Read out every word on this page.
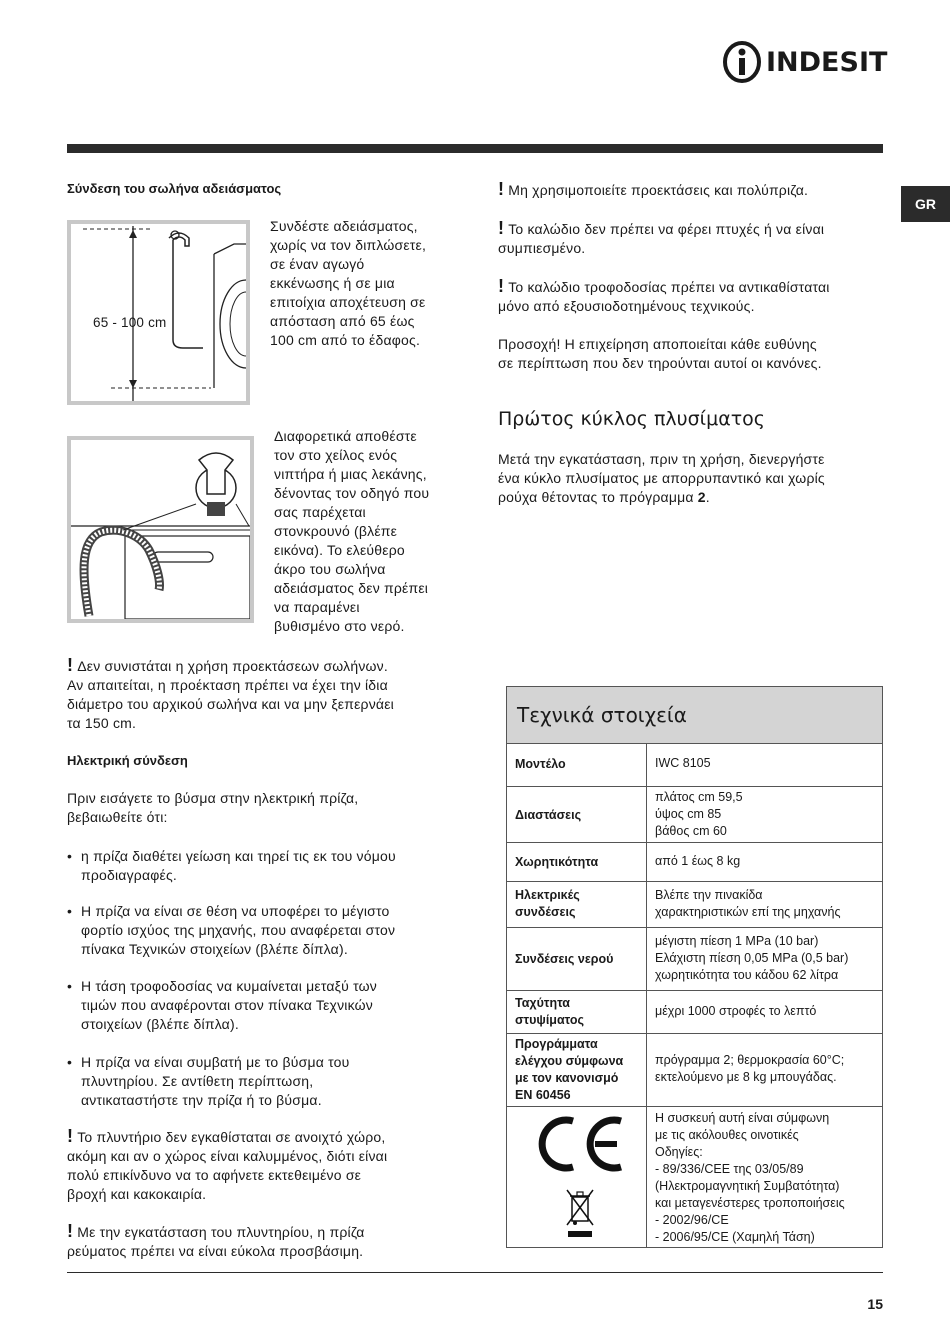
INDESIT
GR
Σύνδεση του σωλήνα αδειάσματος
65 - 100 cm
Συνδέστε αδειάσματος,
χωρίς να τον διπλώσετε,
σε έναν αγωγό
εκκένωσης ή σε μια
επιτοίχια αποχέτευση σε
απόσταση από 65 έως
100 cm από το έδαφος.
Διαφορετικά αποθέστε
τον στο χείλος ενός
νιπτήρα ή μιας λεκάνης,
δένοντας τον οδηγό που
σας παρέχεται
στονκρουνό (βλέπε
εικόνα). Το ελεύθερο
άκρο του σωλήνα
αδειάσματος δεν πρέπει
να παραμένει
βυθισμένο στο νερό.
! Δεν συνιστάται η χρήση προεκτάσεων σωλήνων.
Αν απαιτείται, η προέκταση πρέπει να έχει την ίδια
διάμετρο του αρχικού σωλήνα και να μην ξεπερνάει
τα 150 cm.
Ηλεκτρική σύνδεση
Πριν εισάγετε το βύσμα στην ηλεκτρική πρίζα,
βεβαιωθείτε ότι:
• η πρίζα διαθέτει γείωση και τηρεί τις εκ του νόμου
προδιαγραφές.
• Η πρίζα να είναι σε θέση να υποφέρει το μέγιστο
φορτίο ισχύος της μηχανής, που αναφέρεται στον
πίνακα Τεχνικών στοιχείων (βλέπε δίπλα).
• Η τάση τροφοδοσίας να κυμαίνεται μεταξύ των
τιμών που αναφέρονται στον πίνακα Τεχνικών
στοιχείων (βλέπε δίπλα).
• Η πρίζα να είναι συμβατή με το βύσμα του
πλυντηρίου. Σε αντίθετη περίπτωση,
αντικαταστήστε την πρίζα ή το βύσμα.
! Το πλυντήριο δεν εγκαθίσταται σε ανοιχτό χώρο,
ακόμη και αν ο χώρος είναι καλυμμένος, διότι είναι
πολύ επικίνδυνο να το αφήνετε εκτεθειμένο σε
βροχή και κακοκαιρία.
! Με την εγκατάσταση του πλυντηρίου, η πρίζα
ρεύματος πρέπει να είναι εύκολα προσβάσιμη.
! Μη χρησιμοποιείτε προεκτάσεις και πολύπριζα.
! Το καλώδιο δεν πρέπει να φέρει πτυχές ή να είναι
συμπιεσμένο.
! Το καλώδιο τροφοδοσίας πρέπει να αντικαθίσταται
μόνο από εξουσιοδοτημένους τεχνικούς.
Προσοχή! Η επιχείρηση αποποιείται κάθε ευθύνης
σε περίπτωση που δεν τηρούνται αυτοί οι κανόνες.
Πρώτος κύκλος πλυσίματος
Μετά την εγκατάσταση, πριν τη χρήση, διενεργήστε
ένα κύκλο πλυσίματος με απορρυπαντικό και χωρίς
ρούχα θέτοντας το πρόγραμμα 2.
Τεχνικά στοιχεία
Μοντέλο	IWC 8105
Διαστάσεις
πλάτος cm 59,5
ύψος cm 85
βάθος cm 60
Χωρητικότητα	από 1 έως 8 kg
Ηλεκτρικές
συνδέσεις
Βλέπε την πινακίδα
χαρακτηριστικών επί της μηχανής
Συνδέσεις νερού
μέγιστη πίεση 1 MPa (10 bar)
Ελάχιστη πίεση 0,05 MPa (0,5 bar)
χωρητικότητα του κάδου 62 λίτρα
Ταχύτητα
στυψίματος
μέχρι 1000 στροφές το λεπτό
Προγράμματα
ελέγχου σύμφωνα
με τον κανονισμό
EN 60456
πρόγραμμα 2; θερμοκρασία 60°C;
εκτελούμενο με 8 kg μπουγάδας.
Η συσκευή αυτή είναι σύμφωνη
με τις ακόλουθες οινοτικές
Οδηγίες:
- 89/336/CEE της 03/05/89
(Ηλεκτρομαγνητική Συμβατότητα)
και μεταγενέστερες τροποποιήσεις
- 2002/96/CE
- 2006/95/CE (Χαμηλή Τάση)
15
